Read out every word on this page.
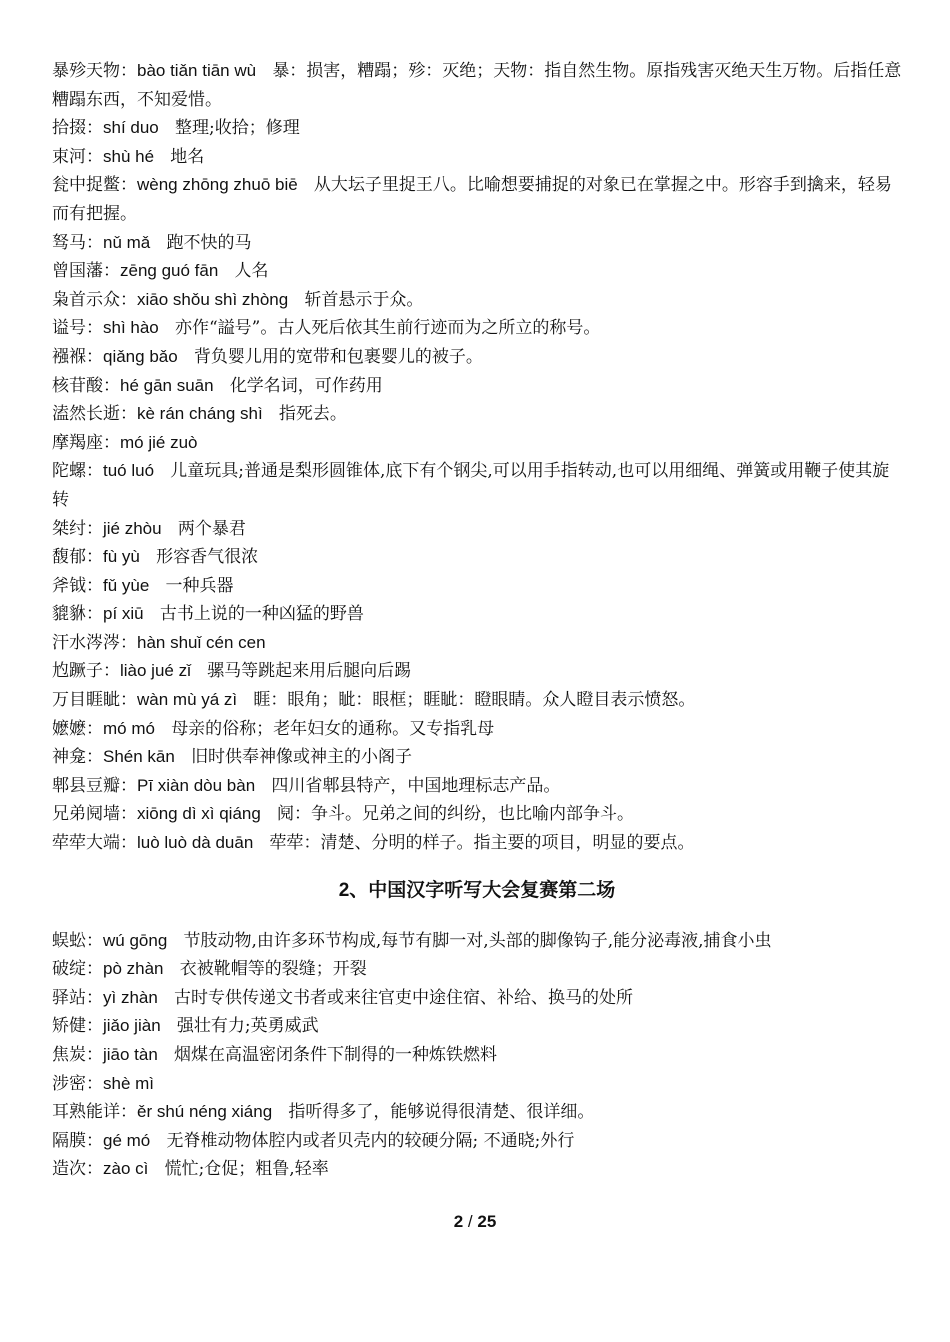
暴殄天物：bào tiǎn tiān wù 暴：损害，糟蹋；殄：灭绝；天物：指自然生物。原指残害灭绝天生万物。后指任意糟蹋东西，不知爱惜。

拾掇：shí duo 整理;收拾；修理

束河：shù hé 地名

瓮中捉鳖：wèng zhōng zhuō biē 从大坛子里捉王八。比喻想要捕捉的对象已在掌握之中。形容手到擒来，轻易而有把握。

驽马：nǔ mǎ 跑不快的马

曾国藩：zēng guó fān 人名

枭首示众：xiāo shǒu shì zhòng 斩首悬示于众。

谥号：shì hào 亦作“謚号”。古人死后依其生前行迹而为之所立的称号。

襁褓：qiǎng bǎo 背负婴儿用的宽带和包裹婴儿的被子。

核苷酸：hé gān suān 化学名词，可作药用

溘然长逝：kè rán cháng shì 指死去。

摩羯座：mó jié zuò

陀螺：tuó luó 儿童玩具;普通是梨形圆锥体,底下有个钢尖,可以用手指转动,也可以用细绳、弹簧或用鞭子使其旋转

桀纣：jié zhòu 两个暴君

馥郁：fù yù 形容香气很浓

斧钺：fǔ yùe 一种兵器

貔貅：pí xiū 古书上说的一种凶猛的野兽

汗水涔涔：hàn shuǐ cén cen

尥蹶子：liào jué zǐ 骡马等跳起来用后腿向后踢

万目睚眦：wàn mù yá zì 睚：眼角；眦：眼框；睚眦：瞪眼睛。众人瞪目表示愤怒。

嬷嬷：mó mó 母亲的俗称；老年妇女的通称。又专指乳母

神龛：Shén kān 旧时供奉神像或神主的小阁子

郫县豆瓣：Pī xiàn dòu bàn 四川省郫县特产，中国地理标志产品。

兄弟阋墙：xiōng dì xì qiáng 阋：争斗。兄弟之间的纠纷，也比喻内部争斗。

荦荦大端：luò luò dà duān 荦荦：清楚、分明的样子。指主要的项目，明显的要点。

2、中国汉字听写大会复赛第二场

蜈蚣：wú gōng 节肢动物,由许多环节构成,每节有脚一对,头部的脚像钩子,能分泌毒液,捕食小虫

破绽：pò zhàn 衣被靴帽等的裂缝；开裂

驿站：yì zhàn 古时专供传递文书者或来往官吏中途住宿、补给、换马的处所

矫健：jiǎo jiàn 强壮有力;英勇威武

焦炭：jiāo tàn 烟煤在高温密闭条件下制得的一种炼铁燃料

涉密：shè mì

耳熟能详：ěr shú néng xiáng 指听得多了，能够说得很清楚、很详细。

隔膜：gé mó 无脊椎动物体腔内或者贝壳内的较硬分隔; 不通晓;外行

造次：zào cì 慌忙;仓促；粗鲁,轻率

2 / 25
